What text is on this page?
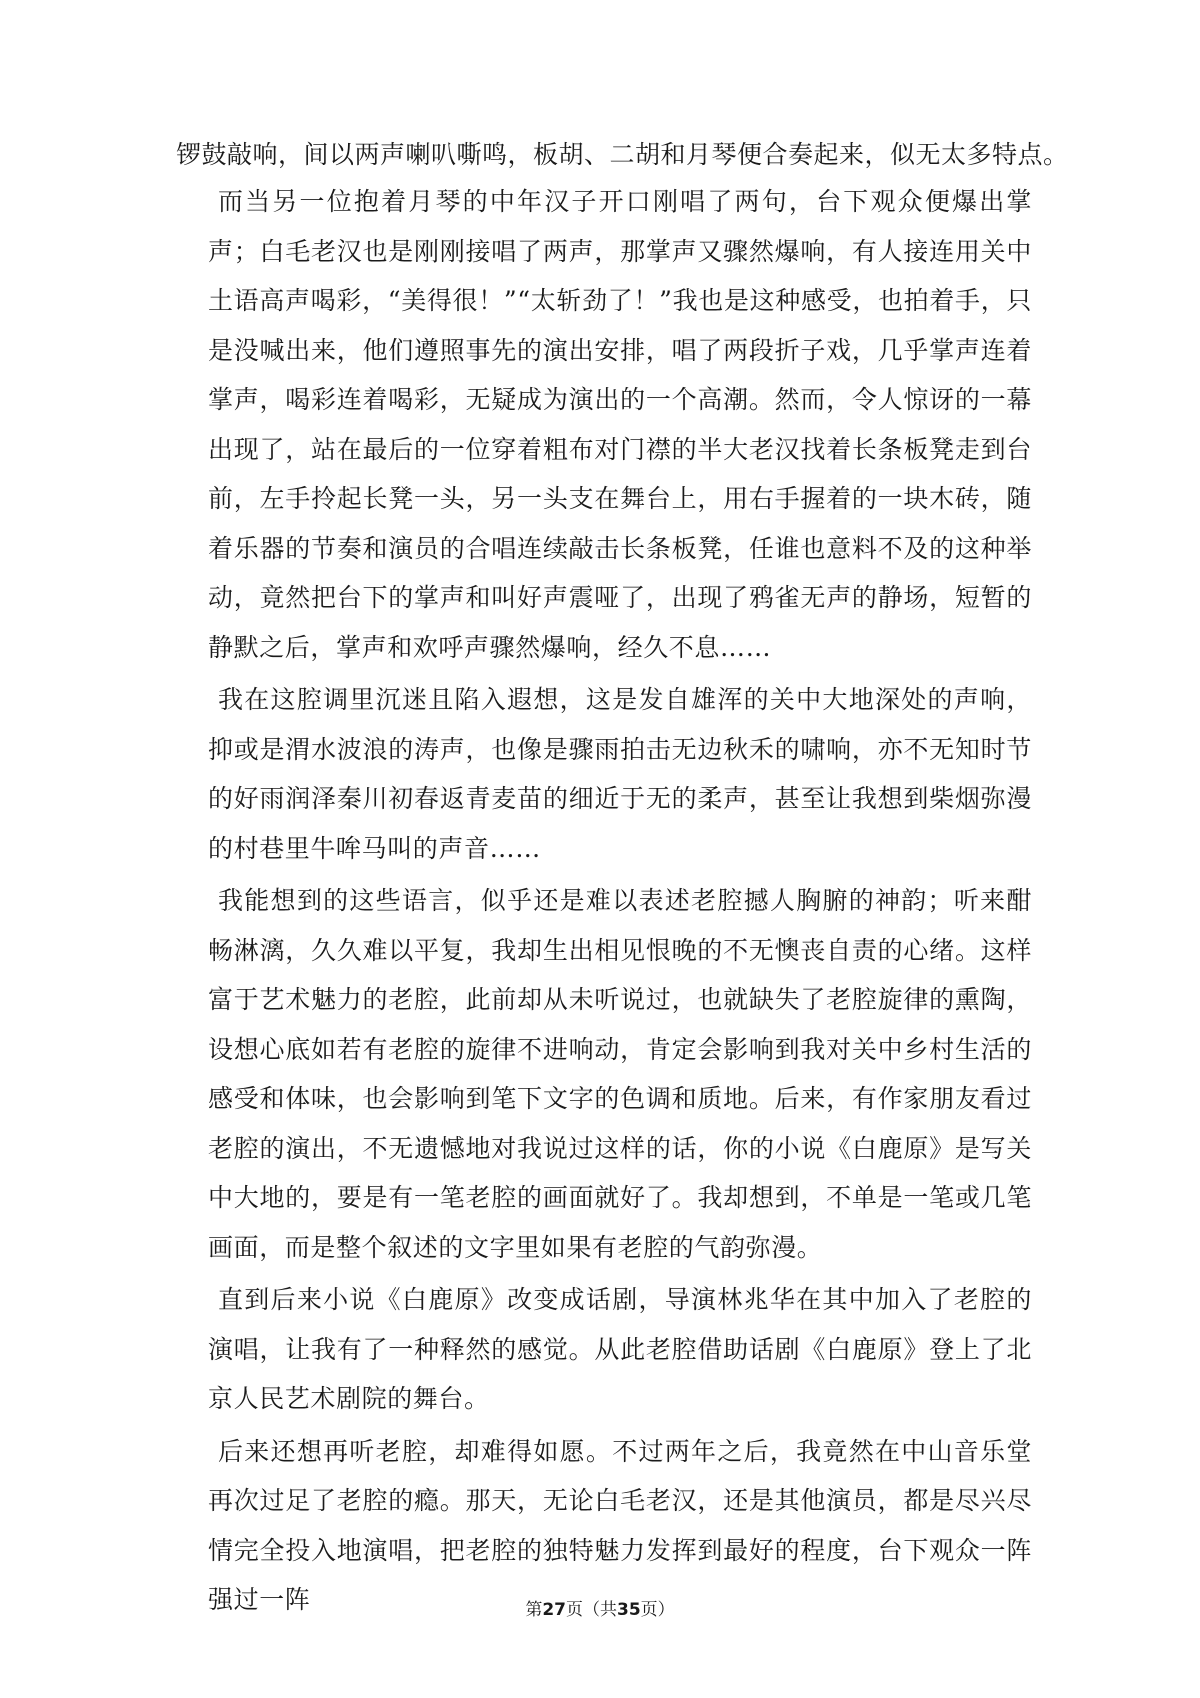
锣鼓敲响，间以两声喇叭嘶鸣，板胡、二胡和月琴便合奏起来，似无太多特点。

而当另一位抱着月琴的中年汉子开口刚唱了两句，台下观众便爆出掌声；白毛老汉也是刚刚接唱了两声，那掌声又骤然爆响，有人接连用关中土语高声喝彩，“美得很！”“太斩劲了！”我也是这种感受，也拍着手，只是没喊出来，他们遵照事先的演出安排，唱了两段折子戏，几乎掌声连着掌声，喝彩连着喝彩，无疑成为演出的一个高潮。然而，令人惊讶的一幕出现了，站在最后的一位穿着粗布对门襟的半大老汉找着长条板凳走到台前，左手拎起长凳一头，另一头支在舞台上，用右手握着的一块木砖，随着乐器的节奏和演员的合唱连续敲击长条板凳，任谁也意料不及的这种举动，竟然把台下的掌声和叫好声震哑了，出现了鸦雀无声的静场，短暂的静默之后，掌声和欢呼声骤然爆响，经久不息……

我在这腔调里沉迷且陷入遐想，这是发自雄浑的关中大地深处的声响，抑或是渭水波浪的涛声，也像是骤雨拍击无边秋禾的啸响，亦不无知时节的好雨润泽秦川初春返青麦苗的细近于无的柔声，甚至让我想到柴烟弥漫的村巷里牛哞马叫的声音……

我能想到的这些语言，似乎还是难以表述老腔撼人胸腑的神韵；听来酣畅淋漓，久久难以平复，我却生出相见恨晚的不无懊丧自责的心绪。这样富于艺术魅力的老腔，此前却从未听说过，也就缺失了老腔旋律的熏陶，设想心底如若有老腔的旋律不进响动，肯定会影响到我对关中乡村生活的感受和体味，也会影响到笔下文字的色调和质地。后来，有作家朋友看过老腔的演出，不无遗憾地对我说过这样的话，你的小说《白鹿原》是写关中大地的，要是有一笔老腔的画面就好了。我却想到，不单是一笔或几笔画面，而是整个叙述的文字里如果有老腔的气韵弥漫。

直到后来小说《白鹿原》改变成话剧，导演林兆华在其中加入了老腔的演唱，让我有了一种释然的感觉。从此老腔借助话剧《白鹿原》登上了北京人民艺术剧院的舞台。

后来还想再听老腔，却难得如愿。不过两年之后，我竟然在中山音乐堂再次过足了老腔的瘾。那天，无论白毛老汉，还是其他演员，都是尽兴尽情完全投入地演唱，把老腔的独特魅力发挥到最好的程度，台下观众一阵强过一阵	第27页（共35页）
